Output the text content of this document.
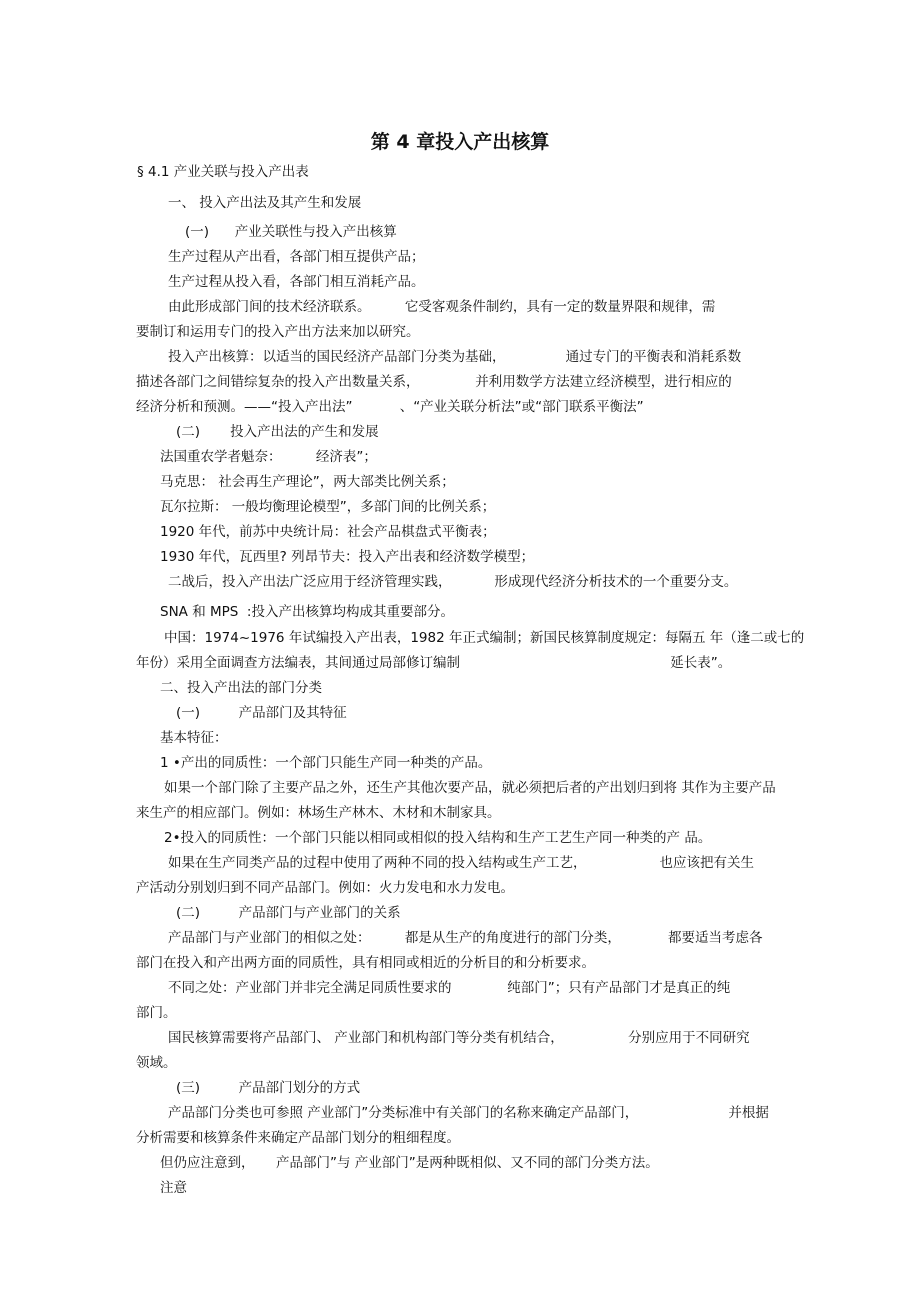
第 4 章投入产出核算
§ 4.1 产业关联与投入产出表
一、 投入产出法及其产生和发展
(一)      产业关联性与投入产出核算
生产过程从产出看，各部门相互提供产品；
生产过程从投入看，各部门相互消耗产品。
由此形成部门间的技术经济联系。        它受客观条件制约，具有一定的数量界限和规律，需
要制订和运用专门的投入产出方法来加以研究。
投入产出核算：以适当的国民经济产品部门分类为基础，              通过专门的平衡表和消耗系数
描述各部门之间错综复杂的投入产出数量关系，             并利用数学方法建立经济模型，进行相应的
经济分析和预测。——“投入产出法”           、“产业关联分析法”或“部门联系平衡法”
(二)       投入产出法的产生和发展
法国重农学者魁奈：        经济表”；
马克思： 社会再生产理论”，两大部类比例关系；
瓦尔拉斯： 一般均衡理论模型”，多部门间的比例关系；
1920 年代，前苏中央统计局：社会产品棋盘式平衡表；
1930 年代，瓦西里? 列昂节夫：投入产出表和经济数学模型；
二战后，投入产出法广泛应用于经济管理实践，          形成现代经济分析技术的一个重要分支。
SNA 和 MPS  :投入产出核算均构成其重要部分。
中国：1974~1976 年试编投入产出表，1982 年正式编制；新国民核算制度规定：每隔五 年（逢二或七的
年份）采用全面调查方法编表，其间通过局部修订编制                                                 延长表”。
二、投入产出法的部门分类
(一)         产品部门及其特征
基本特征：
1 •产出的同质性：一个部门只能生产同一种类的产品。
如果一个部门除了主要产品之外，还生产其他次要产品，就必须把后者的产出划归到将 其作为主要产品
来生产的相应部门。例如：林场生产林木、木材和木制家具。
2•投入的同质性：一个部门只能以相同或相似的投入结构和生产工艺生产同一种类的产 品。
如果在生产同类产品的过程中使用了两种不同的投入结构或生产工艺，                 也应该把有关生
产活动分别划归到不同产品部门。例如：火力发电和水力发电。
(二)         产品部门与产业部门的关系
产品部门与产业部门的相似之处：        都是从生产的角度进行的部门分类，           都要适当考虑各
部门在投入和产出两方面的同质性，具有相同或相近的分析目的和分析要求。
不同之处：产业部门并非完全满足同质性要求的             纯部门”；只有产品部门才是真正的纯
部门。
国民核算需要将产品部门、 产业部门和机构部门等分类有机结合，               分别应用于不同研究
领域。
(三)         产品部门划分的方式
产品部门分类也可参照 产业部门”分类标准中有关部门的名称来确定产品部门，                     并根据
分析需要和核算条件来确定产品部门划分的粗细程度。
但仍应注意到，     产品部门”与 产业部门”是两种既相似、又不同的部门分类方法。
注意
